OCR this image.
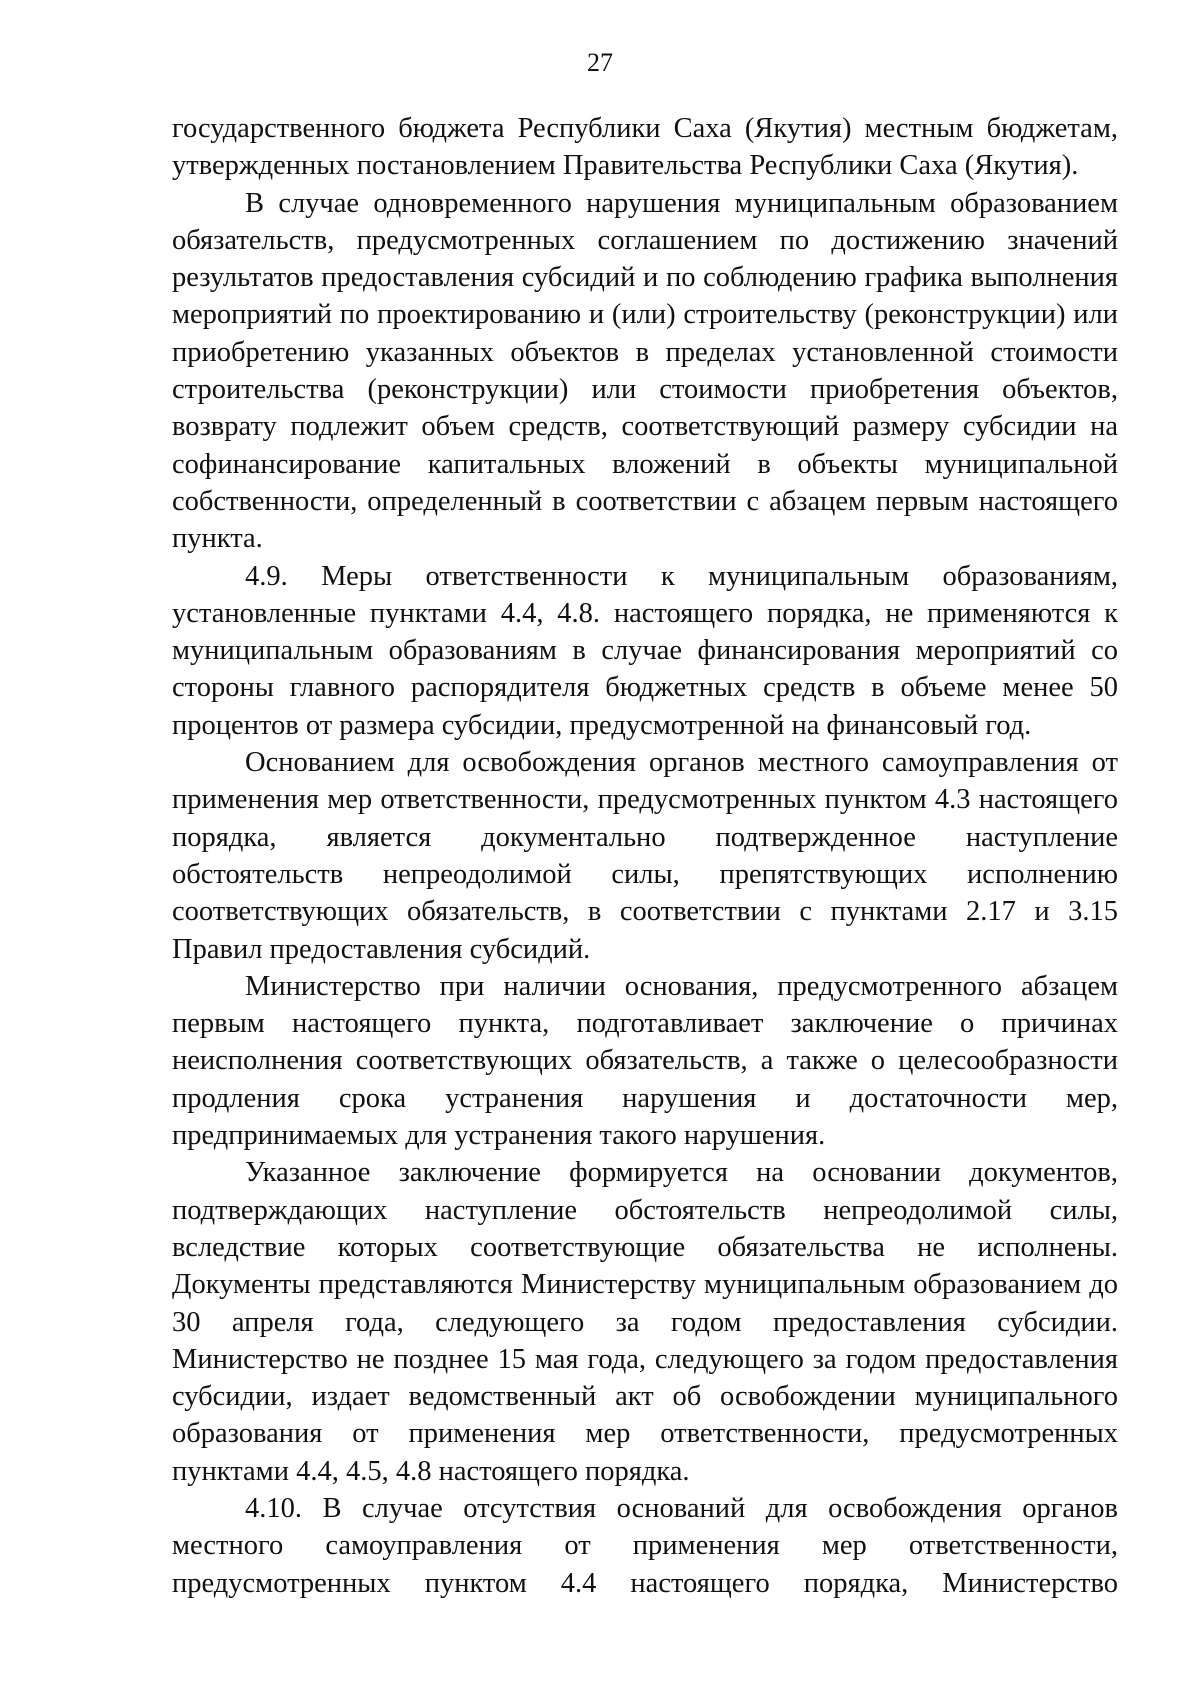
27

государственного бюджета Республики Саха (Якутия) местным бюджетам, утвержденных постановлением Правительства Республики Саха (Якутия).

В случае одновременного нарушения муниципальным образованием обязательств, предусмотренных соглашением по достижению значений результатов предоставления субсидий и по соблюдению графика выполнения мероприятий по проектированию и (или) строительству (реконструкции) или приобретению указанных объектов в пределах установленной стоимости строительства (реконструкции) или стоимости приобретения объектов, возврату подлежит объем средств, соответствующий размеру субсидии на софинансирование капитальных вложений в объекты муниципальной собственности, определенный в соответствии с абзацем первым настоящего пункта.

4.9. Меры ответственности к муниципальным образованиям, установленные пунктами 4.4, 4.8. настоящего порядка, не применяются к муниципальным образованиям в случае финансирования мероприятий со стороны главного распорядителя бюджетных средств в объеме менее 50 процентов от размера субсидии, предусмотренной на финансовый год.

Основанием для освобождения органов местного самоуправления от применения мер ответственности, предусмотренных пунктом 4.3 настоящего порядка, является документально подтвержденное наступление обстоятельств непреодолимой силы, препятствующих исполнению соответствующих обязательств, в соответствии с пунктами 2.17 и 3.15 Правил предоставления субсидий.

Министерство при наличии основания, предусмотренного абзацем первым настоящего пункта, подготавливает заключение о причинах неисполнения соответствующих обязательств, а также о целесообразности продления срока устранения нарушения и достаточности мер, предпринимаемых для устранения такого нарушения.

Указанное заключение формируется на основании документов, подтверждающих наступление обстоятельств непреодолимой силы, вследствие которых соответствующие обязательства не исполнены. Документы представляются Министерству муниципальным образованием до 30 апреля года, следующего за годом предоставления субсидии. Министерство не позднее 15 мая года, следующего за годом предоставления субсидии, издает ведомственный акт об освобождении муниципального образования от применения мер ответственности, предусмотренных пунктами 4.4, 4.5, 4.8 настоящего порядка.

4.10. В случае отсутствия оснований для освобождения органов местного самоуправления от применения мер ответственности, предусмотренных пунктом 4.4 настоящего порядка, Министерство
